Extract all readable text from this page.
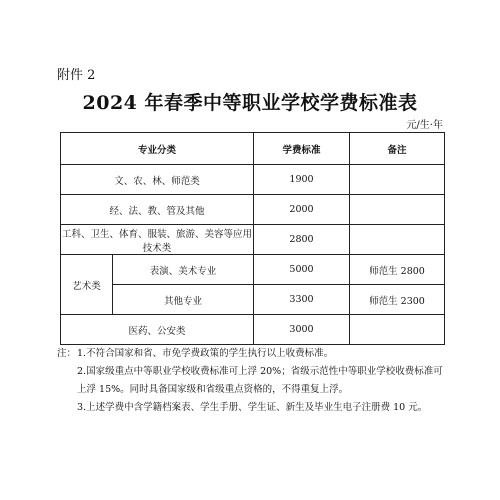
附件 2
2024 年春季中等职业学校学费标准表
元/生·年
专业分类		学费标准	备注
文、农、林、师范类		1900	
经、法、教、管及其他		2000	
工科、卫生、体育、服装、旅游、美容等应用技术类		2800	
艺术类	表演、美术专业	5000	师范生 2800
	其他专业	3300	师范生 2300
医药、公安类		3000	
注： 1.不符合国家和省、市免学费政策的学生执行以上收费标准。
2.国家级重点中等职业学校收费标准可上浮 20%；省级示范性中等职业学校收费标准可上浮 15%。同时具备国家级和省级重点资格的，不得重复上浮。
3.上述学费中含学籍档案表、学生手册、学生证、新生及毕业生电子注册费 10 元。
